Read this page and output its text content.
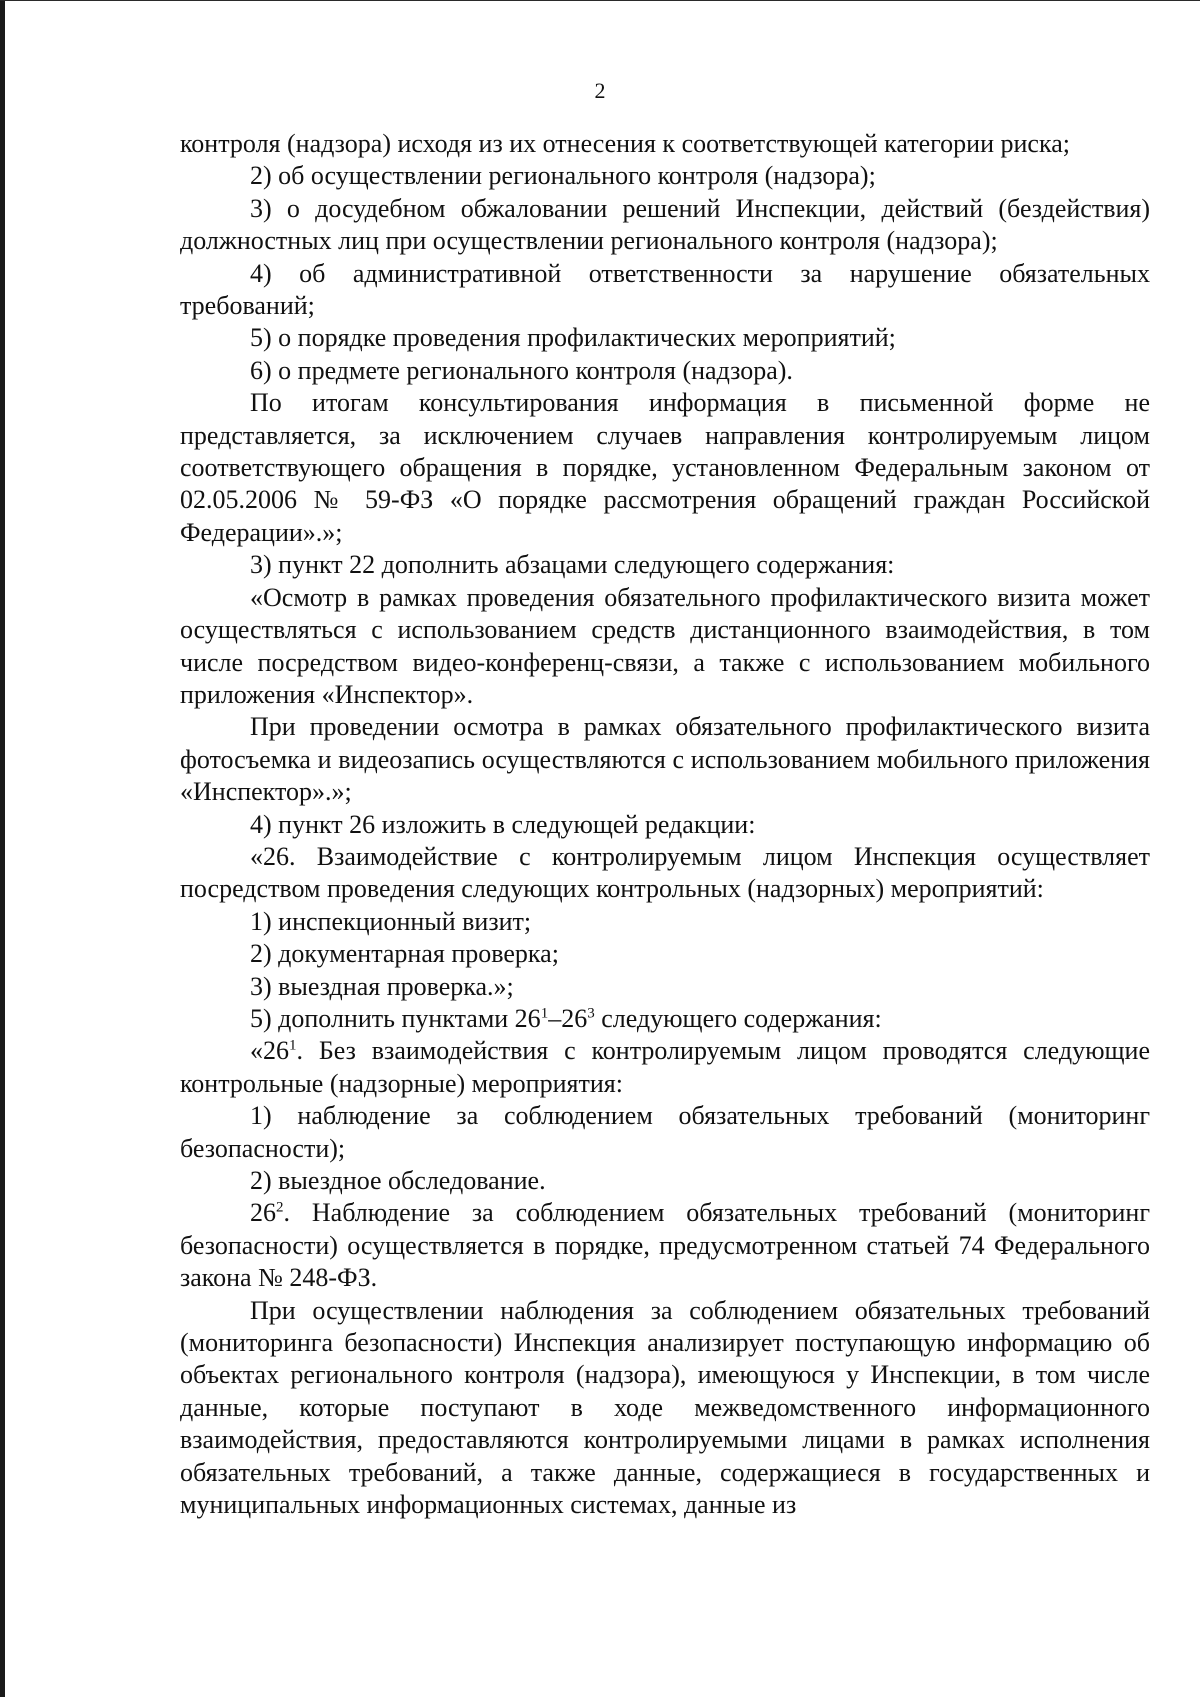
2

контроля (надзора) исходя из их отнесения к соответствующей категории риска;

2) об осуществлении регионального контроля (надзора);

3) о досудебном обжаловании решений Инспекции, действий (бездействия) должностных лиц при осуществлении регионального контроля (надзора);

4) об административной ответственности за нарушение обязательных требований;

5) о порядке проведения профилактических мероприятий;

6) о предмете регионального контроля (надзора).

По итогам консультирования информация в письменной форме не представляется, за исключением случаев направления контролируемым лицом соответствующего обращения в порядке, установленном Федеральным законом от 02.05.2006 № 59-ФЗ «О порядке рассмотрения обращений граждан Российской Федерации».»;

3) пункт 22 дополнить абзацами следующего содержания:

«Осмотр в рамках проведения обязательного профилактического визита может осуществляться с использованием средств дистанционного взаимодействия, в том числе посредством видео-конференц-связи, а также с использованием мобильного приложения «Инспектор».

При проведении осмотра в рамках обязательного профилактического визита фотосъемка и видеозапись осуществляются с использованием мобильного приложения «Инспектор».»;

4) пункт 26 изложить в следующей редакции:

«26. Взаимодействие с контролируемым лицом Инспекция осуществляет посредством проведения следующих контрольных (надзорных) мероприятий:

1) инспекционный визит;

2) документарная проверка;

3) выездная проверка.»;

5) дополнить пунктами $26^1-26^3$ следующего содержания:

«$26^1$. Без взаимодействия с контролируемым лицом проводятся следующие контрольные (надзорные) мероприятия:

1) наблюдение за соблюдением обязательных требований (мониторинг безопасности);

2) выездное обследование.

$26^2$. Наблюдение за соблюдением обязательных требований (мониторинг безопасности) осуществляется в порядке, предусмотренном статьей 74 Федерального закона № 248-ФЗ.

При осуществлении наблюдения за соблюдением обязательных требований (мониторинга безопасности) Инспекция анализирует поступающую информацию об объектах регионального контроля (надзора), имеющуюся у Инспекции, в том числе данные, которые поступают в ходе межведомственного информационного взаимодействия, предоставляются контролируемыми лицами в рамках исполнения обязательных требований, а также данные, содержащиеся в государственных и муниципальных информационных системах, данные из
